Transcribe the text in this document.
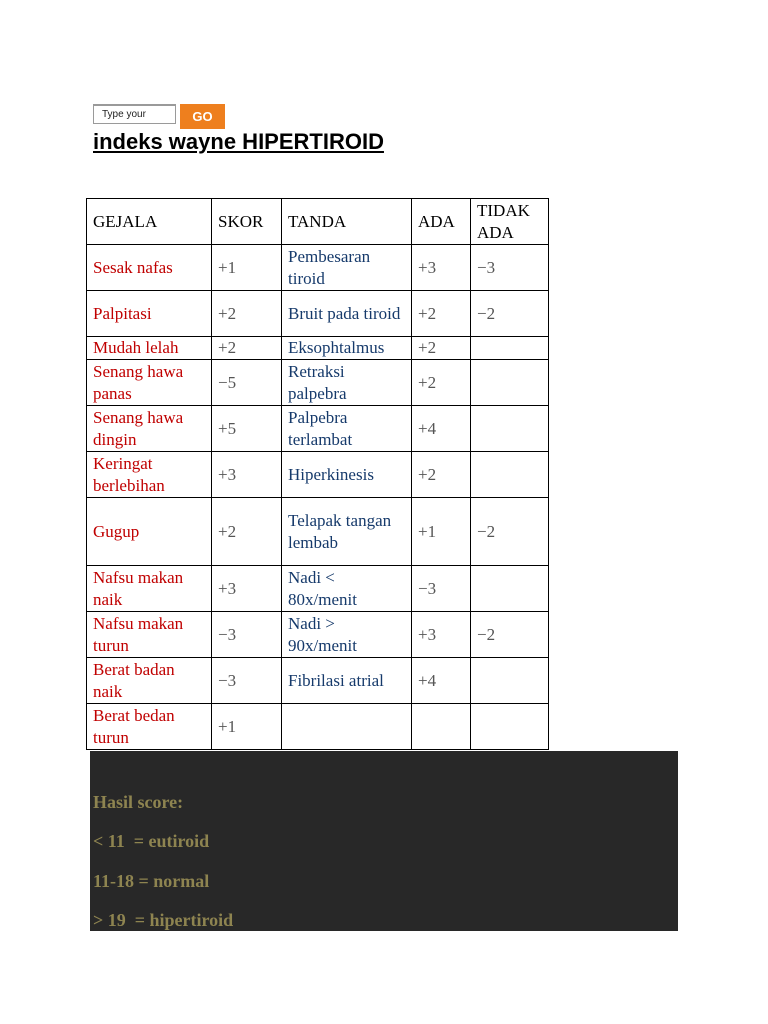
Type your
GO
indeks wayne HIPERTIROID
GEJALA	SKOR	TANDA	ADA	TIDAK ADA
Sesak nafas	+1	Pembesaran tiroid	+3	−3
Palpitasi	+2	Bruit pada tiroid	+2	−2
Mudah lelah	+2	Eksophtalmus	+2	
Senang hawa panas	−5	Retraksi palpebra	+2	
Senang hawa dingin	+5	Palpebra terlambat	+4	
Keringat berlebihan	+3	Hiperkinesis	+2	
Gugup	+2	Telapak tangan lembab	+1	−2
Nafsu makan naik	+3	Nadi < 80x/menit	−3	
Nafsu makan turun	−3	Nadi > 90x/menit	+3	−2
Berat badan naik	−3	Fibrilasi atrial	+4	
Berat bedan turun	+1			

Hasil score:

< 11  = eutiroid

11-18 = normal

> 19  = hipertiroid
